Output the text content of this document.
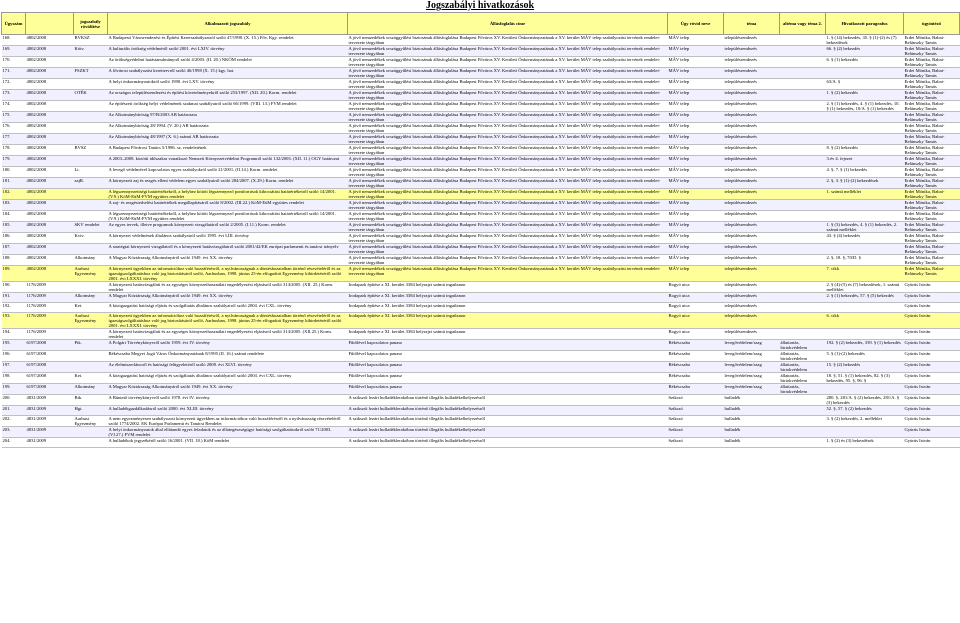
Jogszabályi hivatkozások
Ügyszám		jogszabály rövidítése	Alkalmazott jogszabály	Állásfoglalás címe	Ügy rövid neve	téma	altéma vagy téma 2.	Hivatkozott paragrafus	ügyintéző
168.	4802/2008	BVKSZ	A Budapesti Városrendezési és Építési Keretszabályzatról szóló 47/1998. (X. 15.) Főv. Kgy. rendelet	A jövő nemzedékek országgyűlési biztosának állásfoglalása Budapest Főváros XV. Kerületi Önkormányzatának a XV. kerület MÁV telep szabályozási tervének rendelet-tervezete tárgyában	MÁV telep	településrendezés		1. § (14) bekezdés, 35. § (1)-(2) és (7) bekezdések	Erdei Mónika, Babai-Belánszky Tamás
169.	4802/2008	Kötv.	A kulturális örökség védelméről szóló 2001. évi LXIV. törvény	A jövő nemzedékek országgyűlési biztosának állásfoglalása Budapest Főváros XV. Kerületi Önkormányzatának a XV. kerület MÁV telep szabályozási tervének rendelet-tervezete tárgyában	MÁV telep	településrendezés		66. § (2) bekezdés	Erdei Mónika, Babai-Belánszky Tamás
170.	4802/2008		Az örökségvédelmi hatástanulmányról szóló 4/2003. (II. 20.) NKÖM rendelet	A jövő nemzedékek országgyűlési biztosának állásfoglalása Budapest Főváros XV. Kerületi Önkormányzatának a XV. kerület MÁV telep szabályozási tervének rendelet-tervezete tárgyában	MÁV telep	településrendezés		6. § (1) bekezdés	Erdei Mónika, Babai-Belánszky Tamás
171.	4802/2008	FSZKT	A fővárosi szabályozási kerettervről szóló 46/1998 (X. 15.) kgy. hat.	A jövő nemzedékek országgyűlési biztosának állásfoglalása Budapest Főváros XV. Kerületi Önkormányzatának a XV. kerület MÁV telep szabályozási tervének rendelet-tervezete tárgyában	MÁV telep	településrendezés			Erdei Mónika, Babai-Belánszky Tamás
172.	4802/2008		A helyi önkormányzatokról szóló 1990. évi LXV. törvény	A jövő nemzedékek országgyűlési biztosának állásfoglalása Budapest Főváros XV. Kerületi Önkormányzatának a XV. kerület MÁV telep szabályozási tervének rendelet-tervezete tárgyában	MÁV telep	településrendezés		63/A. §	Erdei Mónika, Babai-Belánszky Tamás
173.	4802/2008	OTÉK	Az országos településrendezési és építési követelményekről szóló 253/1997. (XII. 20.) Korm. rendelet	A jövő nemzedékek országgyűlési biztosának állásfoglalása Budapest Főváros XV. Kerületi Önkormányzatának a XV. kerület MÁV telep szabályozási tervének rendelet-tervezete tárgyában	MÁV telep	településrendezés		1. § (2) bekezdés	Erdei Mónika, Babai-Belánszky Tamás
174.	4802/2008		Az építészeti örökség helyi védelmének szakmai szabályairól szóló 66/1999. (VIII. 13.) FVM rendelet	A jövő nemzedékek országgyűlési biztosának állásfoglalása Budapest Főváros XV. Kerületi Önkormányzatának a XV. kerület MÁV telep szabályozási tervének rendelet-tervezete tárgyában	MÁV telep	településrendezés		2. § (1) bekezdés, 4. § (1) bekezdés, 10. § (1) bekezdés, 10/A. § (1) bekezdés	Erdei Mónika, Babai-Belánszky Tamás
175.	4802/2008		Az Alkotmánybíróság 97/B/2003 AB határozata	A jövő nemzedékek országgyűlési biztosának állásfoglalása Budapest Főváros XV. Kerületi Önkormányzatának a XV. kerület MÁV telep szabályozási tervének rendelet-tervezete tárgyában	MÁV telep	településrendezés			Erdei Mónika, Babai-Belánszky Tamás
176.	4802/2008		Az Alkotmánybíróság 28/1994. (V. 20.) AB határozata	A jövő nemzedékek országgyűlési biztosának állásfoglalása Budapest Főváros XV. Kerületi Önkormányzatának a XV. kerület MÁV telep szabályozási tervének rendelet-tervezete tárgyában	MÁV telep	településrendezés			Erdei Mónika, Babai-Belánszky Tamás
177.	4802/2008		Az Alkotmánybíróság 48/1997 (X. 6.) számú AB határozata	A jövő nemzedékek országgyűlési biztosának állásfoglalása Budapest Főváros XV. Kerületi Önkormányzatának a XV. kerület MÁV telep szabályozási tervének rendelet-tervezete tárgyában	MÁV telep	településrendezés			Erdei Mónika, Babai-Belánszky Tamás
178.	4802/2008	BVSZ	A Budapest Fővárosi Tanács 5/1986. sz. rendeletének	A jövő nemzedékek országgyűlési biztosának állásfoglalása Budapest Főváros XV. Kerületi Önkormányzatának a XV. kerület MÁV telep szabályozási tervének rendelet-tervezete tárgyában	MÁV telep	településrendezés		8. § (2) bekezdés	Erdei Mónika, Babai-Belánszky Tamás
179.	4802/2008		A 2003–2008. közötti időszakra vonatkozó Nemzeti Környezetvédelmi Programról szóló 132/2003. (XII. 11.) OGY határozat	A jövő nemzedékek országgyűlési biztosának állásfoglalása Budapest Főváros XV. Kerületi Önkormányzatának a XV. kerület MÁV telep szabályozási tervének rendelet-tervezete tárgyában	MÁV telep	településrendezés		3.év 4. fejezet	Erdei Mónika, Babai-Belánszky Tamás
180.	4802/2008	Lt.	A levegő védelmével kapcsolatos egyes szabályokról szóló 21/2001. (II.14.) Korm. rendelet	A jövő nemzedékek országgyűlési biztosának állásfoglalása Budapest Főváros XV. Kerületi Önkormányzatának a XV. kerület MÁV telep szabályozási tervének rendelet-tervezete tárgyában	MÁV telep	településrendezés		4. §, 7. § (1) bekezdés	Erdei Mónika, Babai-Belánszky Tamás
181.	4802/2008	zajR.	A környezeti zaj és rezgés elleni védelem egyes szabályairól szóló 284/2007. (X.29.) Korm. rendelet	A jövő nemzedékek országgyűlési biztosának állásfoglalása Budapest Főváros XV. Kerületi Önkormányzatának a XV. kerület MÁV telep szabályozási tervének rendelet-tervezete tárgyában	MÁV telep	településrendezés		2. §, 3. § (1)-(2) bekezdések	Erdei Mónika, Babai-Belánszky Tamás
182.	4802/2008		A légszennyezettségi határértékekről, a helyhez kötött légszennyező pontforrások kibocsátási határértékeiről szóló 14/2001. (V.9.) KöM-EüM-FVM együttes rendelet	A jövő nemzedékek országgyűlési biztosának állásfoglalása Budapest Főváros XV. Kerületi Önkormányzatának a XV. kerület MÁV telep szabályozási tervének rendelet-tervezete tárgyában	MÁV telep	településrendezés		1. számú melléklet	Erdei Mónika, Babai-Belánszky Tamás
183.	4802/2008		A zaj- és rezgésterhelési határértékek megállapításáról szóló 8/2002. (III.22.) KöM-EüM együttes rendelet	A jövő nemzedékek országgyűlési biztosának állásfoglalása Budapest Főváros XV. Kerületi Önkormányzatának a XV. kerület MÁV telep szabályozási tervének rendelet-tervezete tárgyában	MÁV telep	településrendezés			Erdei Mónika, Babai-Belánszky Tamás
184.	4802/2008		A légszennyezettségi határértékekről, a helyhez kötött légszennyező pontforrások kibocsátási határértékeiről szóló 14/2001. (V.9.) KöM-EüM-FVM együttes rendelet	A jövő nemzedékek országgyűlési biztosának állásfoglalása Budapest Főváros XV. Kerületi Önkormányzatának a XV. kerület MÁV telep szabályozási tervének rendelet-tervezete tárgyában	MÁV telep	településrendezés			Erdei Mónika, Babai-Belánszky Tamás
185.	4802/2008	SKV rendelet	Az egyes tervek, illetve programok környezeti vizsgálatáról szóló 2/2005. (I.11.) Korm. rendelet	A jövő nemzedékek országgyűlési biztosának állásfoglalása Budapest Főváros XV. Kerületi Önkormányzatának a XV. kerület MÁV telep szabályozási tervének rendelet-tervezete tárgyában	MÁV telep	településrendezés		1. § (3) bekezdés, 4. § (1) bekezdés, 2. számú melléklet	Erdei Mónika, Babai-Belánszky Tamás
186.	4802/2008	Kvtv.	A környezet védelmének általános szabályairól szóló 1995. évi LIII. törvény	A jövő nemzedékek országgyűlési biztosának állásfoglalása Budapest Főváros XV. Kerületi Önkormányzatának a XV. kerület MÁV telep szabályozási tervének rendelet-tervezete tárgyában	MÁV telep	településrendezés		43. § (4) bekezdés	Erdei Mónika, Babai-Belánszky Tamás
187.	4802/2008		A stratégiai környezeti vizsgálatról és a környezeti hatásvizsgálatról szóló 2001/42/EK európai parlamenti és tanácsi irányelv	A jövő nemzedékek országgyűlési biztosának állásfoglalása Budapest Főváros XV. Kerületi Önkormányzatának a XV. kerület MÁV telep szabályozási tervének rendelet-tervezete tárgyában	MÁV telep	településrendezés			Erdei Mónika, Babai-Belánszky Tamás
188.	4802/2008	Alkotmány	A Magyar Köztársaság Alkotmányáról szóló 1949. évi XX. törvény	A jövő nemzedékek országgyűlési biztosának állásfoglalása Budapest Főváros XV. Kerületi Önkormányzatának a XV. kerület MÁV telep szabályozási tervének rendelet-tervezete tárgyában	MÁV telep	településrendezés		2. §, 18. §, 70/D. §	Erdei Mónika, Babai-Belánszky Tamás
189.	4802/2008	Aarhusi Egyezmény	A környezeti ügyekben az információhoz való hozzáférésről, a nyilvánosságnak a döntéshozatalban történő részvételéről és az igazságszolgáltatáshoz való jog biztosításáról szóló, Aarhusban, 1998. június 25-én elfogadott Egyezmény kihirdetéséről szóló 2001. évi LXXXI. törvény	A jövő nemzedékek országgyűlési biztosának állásfoglalása Budapest Főváros XV. Kerületi Önkormányzatának a XV. kerület MÁV telep szabályozási tervének rendelet-tervezete tárgyában	MÁV telep	településrendezés		7. cikk	Erdei Mónika, Babai-Belánszky Tamás
190.	1176/2009		A környezeti hatásvizsgálati és az egységes környezethasználati engedélyezési eljárásról szóló 314/2005. (XII. 25.) Korm. rendelet	Irodapark építése a XI. kerület 3384 helyrajzi számú ingatlanon	Bogyó utca	településrendezés		2. § (4)-(5) és (7) bekezdések, 1. számú melléklet	Gyürüs István
191.	1176/2009	Alkotmány	A Magyar Köztársaság Alkotmányáról szóló 1949. évi XX. törvény	Irodapark építése a XI. kerület 3384 helyrajzi számú ingatlanon	Bogyó utca	településrendezés		2. § (1) bekezdés, 57. § (5) bekezdés	Gyürüs István
192.	1176/2009	Ket.	A közigazgatási hatósági eljárás és szolgáltatás általános szabályairól szóló 2004. évi CXL. törvény	Irodapark építése a XI. kerület 3384 helyrajzi számú ingatlanon	Bogyó utca	településrendezés			Gyürüs István
193.	1176/2009	Aarhusi Egyezmény	A környezeti ügyekben az információhoz való hozzáférésről, a nyilvánosságnak a döntéshozatalban történő részvételéről és az igazságszolgáltatáshoz való jog biztosításáról szóló, Aarhusban, 1998. június 25-én elfogadott Egyezmény kihirdetéséről szóló 2001. évi LXXXI. törvény	Irodapark építése a XI. kerület 3384 helyrajzi számú ingatlanon	Bogyó utca	településrendezés		6. cikk	Gyürüs István
194.	1176/2009		A környezeti hatásvizsgálati és az egységes környezethasználati engedélyezési eljárásról szóló 314/2005. (XII.25.) Korm. rendelet	Irodapark építése a XI. kerület 3384 helyrajzi számú ingatlanon	Bogyó utca	településrendezés			Gyürüs István
195.	6197/2008	Ptk.	A Polgári Törvénykönyvről szóló 1959. évi IV. törvény	Fűtőlével kapcsolatos panasz	Békéscsaba	levegővédelem/szag	állattartás, birtokvédelem	192. § (2) bekezdés, 339. § (1) bekezdés	Gyürüs István
196.	6197/2008		Békéscsaba Megyei Jogú Város Önkormányzatának 8/1995 (II. 16.) számú rendelete	Fűtőlével kapcsolatos panasz	Békéscsaba	levegővédelem/szag	állattartás, birtokvédelem	5. § (1)-(2) bekezdés	Gyürüs István
197.	6197/2008		Az élelmiszerláncról és hatósági felügyeletéről szóló 2008. évi XLVI. törvény	Fűtőlével kapcsolatos panasz	Békéscsaba	levegővédelem/szag	állattartás, birtokvédelem	15. § (2) bekezdés	Gyürüs István
198.	6197/2008	Ket.	A közigazgatási hatósági eljárás és szolgáltatás általános szabályairól szóló 2004. évi CXL. törvény	Fűtőlével kapcsolatos panasz	Békéscsaba	levegővédelem/szag	állattartás, birtokvédelem	18. §, 51. § (1) bekezdés, 82. § (3) bekezdés, 95. §, 96. §	Gyürüs István
199.	6197/2008	Alkotmány	A Magyar Köztársaság Alkotmányáról szóló 1949. évi XX. törvény	Fűtőlével kapcsolatos panasz	Békéscsaba	levegővédelem/szag	állattartás, birtokvédelem		Gyürüs István
200.	4831/2009	Btk.	A Büntető törvénykönyvről szóló 1978. évi IV. törvény	A szikszói lezárt hulladéklerakóban történő illegális hulladékelhelyezésről	Szikszó	hulladék		280. §, 281/A. § (2) bekezdés, 281/A. § (3) bekezdés	Gyürüs István
201.	4831/2009	Hgt.	A hulladékgazdálkodásról szóló 2000. évi XLIII. törvény	A szikszói lezárt hulladéklerakóban történő illegális hulladékelhelyezésről	Szikszó	hulladék		52. §, 57. § (2) bekezdés	Gyürüs István
202.	4831/2009	Aarhusi Egyezmény	A nem egyezményesen szabályozott környezeti ügyekben az információhoz való hozzáférésről és a nyilvánosság részvételéről szóló 1774/2002. EK Európai Parlamenti és Tanácsi Rendelet	A szikszói lezárt hulladéklerakóban történő illegális hulladékelhelyezésről	Szikszó	hulladék		3. § (2) bekezdés, 2. melléklet	Gyürüs István
203.	4831/2009		A helyi önkormányzatok által ellátandó egyes feladatok és az állategészségügyi hatósági szolgáltatásokról szóló 71/2003. (VI.27.) FVM rendelet	A szikszói lezárt hulladéklerakóban történő illegális hulladékelhelyezésről	Szikszó	hulladék			Gyürüs István
204.	4831/2009		A hulladékok jegyzékéről szóló 16/2001. (VII. 18.) KöM rendelet	A szikszói lezárt hulladéklerakóban történő illegális hulladékelhelyezésről	Szikszó	hulladék		1. § (2) és (3) bekezdések	Gyürüs István
